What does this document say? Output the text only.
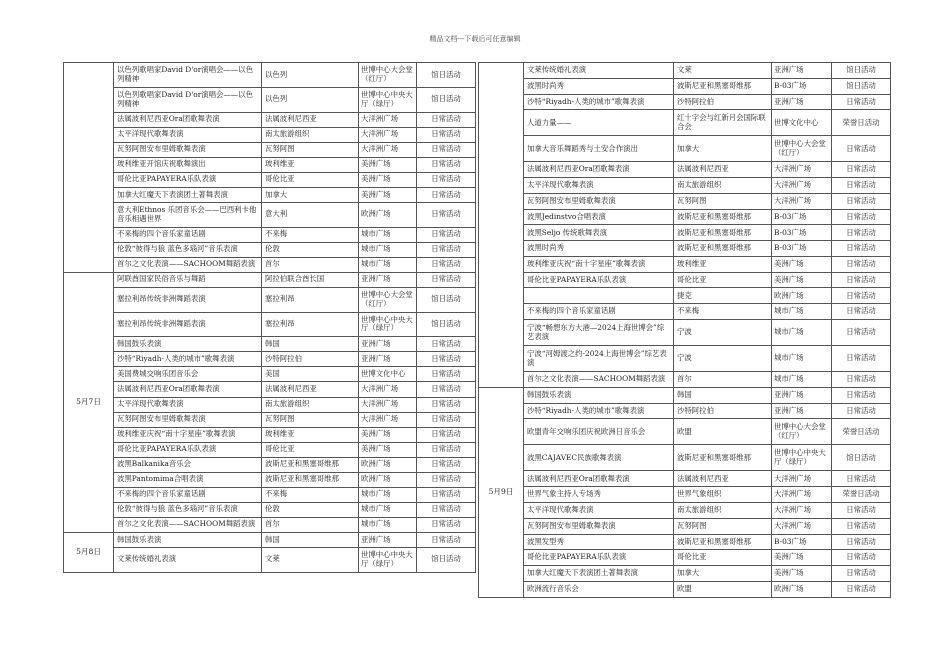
精品文档---下载后可任意编辑
	以色列歌唱家David D'or演唱会——以色列精神	以色列	世博中心大会堂（红厅）	馆日活动
	以色列歌唱家David D'or演唱会——以色列精神	以色列	世博中心中央大厅（绿厅）	馆日活动
	法属波利尼西亚Ora团歌舞表演	法属波利尼西亚	大洋洲广场	日常活动
	太平洋现代歌舞表演	南太旅游组织	大洋洲广场	日常活动
	瓦努阿图安布里姆歌舞表演	瓦努阿图	大洋洲广场	日常活动
	玻利维亚开馆庆祝歌舞演出	玻利维亚	美洲广场	日常活动
	哥伦比亚PAPAYERA乐队表演	哥伦比亚	美洲广场	日常活动
	加拿大红魔天下表演团土著舞表演	加拿大	美洲广场	日常活动
	意大利Ethnos 乐团音乐会——巴西利卡他音乐相遇世界	意大利	欧洲广场	日常活动
	不来梅的四个音乐家童话剧	不来梅	城市广场	日常活动
	伦敦“彼得与狼 蓝色多瑙河”音乐表演	伦敦	城市广场	日常活动
	首尔之文化表演——SACHOOM舞蹈表演	首尔	城市广场	日常活动
5月7日	阿联酋国家民俗音乐与舞蹈	阿拉伯联合酋长国	亚洲广场	日常活动
	塞拉利昂传统非洲舞蹈表演	塞拉利昂	世博中心大会堂（红厅）	馆日活动
	塞拉利昂传统非洲舞蹈表演	塞拉利昂	世博中心中央大厅（绿厅）	馆日活动
	韩国鼓乐表演	韩国	亚洲广场	日常活动
	沙特“Riyadh-人类的城市”歌舞表演	沙特阿拉伯	亚洲广场	日常活动
	美国费城交响乐团音乐会	美国	世博文化中心	日常活动
	法属波利尼西亚Ora团歌舞表演	法属波利尼西亚	大洋洲广场	日常活动
	太平洋现代歌舞表演	南太旅游组织	大洋洲广场	日常活动
	瓦努阿图安布里姆歌舞表演	瓦努阿图	大洋洲广场	日常活动
	玻利维亚庆祝“南十字星座”歌舞表演	玻利维亚	美洲广场	日常活动
	哥伦比亚PAPAYERA乐队表演	哥伦比亚	美洲广场	日常活动
	波黑Balkanika音乐会	波斯尼亚和黑塞哥维那	欧洲广场	日常活动
	波黑Pantomima合唱表演	波斯尼亚和黑塞哥维那	欧洲广场	日常活动
	不来梅的四个音乐家童话剧	不来梅	城市广场	日常活动
	伦敦“彼得与狼 蓝色多瑙河”音乐表演	伦敦	城市广场	日常活动
	首尔之文化表演——SACHOOM舞蹈表演	首尔	城市广场	日常活动
5月8日	韩国鼓乐表演	韩国	亚洲广场	日常活动
	文莱传统婚礼表演	文莱	世博中心中央大厅（绿厅）	馆日活动
	文莱传统婚礼表演	文莱	亚洲广场	馆日活动
	波黑时尚秀	波斯尼亚和黑塞哥维那	B-03广场	馆日活动
	沙特“Riyadh-人类的城市”歌舞表演	沙特阿拉伯	亚洲广场	日常活动
	人道力量——	红十字会与红新月会国际联合会	世博文化中心	荣誉日活动
	加拿大音乐舞蹈秀与土安合作演出	加拿大	世博中心大会堂（红厅）	日常活动
	法属波利尼西亚Ora团歌舞表演	法属波利尼西亚	大洋洲广场	日常活动
	太平洋现代歌舞表演	南太旅游组织	大洋洲广场	日常活动
	瓦努阿图安布里姆歌舞表演	瓦努阿图	大洋洲广场	日常活动
	波黑Jedinstvo合唱表演	波斯尼亚和黑塞哥维那	B-03广场	日常活动
	波黑Seljo 传统歌舞表演	波斯尼亚和黑塞哥维那	B-03广场	日常活动
	波黑时尚秀	波斯尼亚和黑塞哥维那	B-03广场	日常活动
	玻利维亚庆祝“南十字星座”歌舞表演	玻利维亚	美洲广场	日常活动
	哥伦比亚PAPAYERA乐队表演	哥伦比亚	美洲广场	日常活动
		捷克	欧洲广场	日常活动
	不来梅的四个音乐家童话剧	不来梅	城市广场	日常活动
	宁波“畅想东方大港—2024上海世博会”综艺表演	宁波	城市广场	日常活动
	宁波“河姆渡之约-2024上海世博会”综艺表演	宁波	城市广场	日常活动
	首尔之文化表演——SACHOOM舞蹈表演	首尔	城市广场	日常活动
5月9日	韩国鼓乐表演	韩国	亚洲广场	日常活动
	沙特“Riyadh-人类的城市”歌舞表演	沙特阿拉伯	亚洲广场	日常活动
	欧盟青年交响乐团庆祝欧洲日音乐会	欧盟	世博中心大会堂（红厅）	荣誉日活动
	波黑CAJAVEC民族歌舞表演	波斯尼亚和黑塞哥维那	世博中心中央大厅（绿厅）	馆日活动
	法属波利尼西亚Ora团歌舞表演	法属波利尼西亚	大洋洲广场	日常活动
	世界气象主持人专场秀	世界气象组织	大洋洲广场	荣誉日活动
	太平洋现代歌舞表演	南太旅游组织	大洋洲广场	日常活动
	瓦努阿图安布里姆歌舞表演	瓦努阿图	大洋洲广场	日常活动
	波黑发型秀	波斯尼亚和黑塞哥维那	B-03广场	日常活动
	哥伦比亚PAPAYERA乐队表演	哥伦比亚	美洲广场	日常活动
	加拿大红魔天下表演团土著舞表演	加拿大	美洲广场	日常活动
	欧洲流行音乐会	欧盟	欧洲广场	日常活动
